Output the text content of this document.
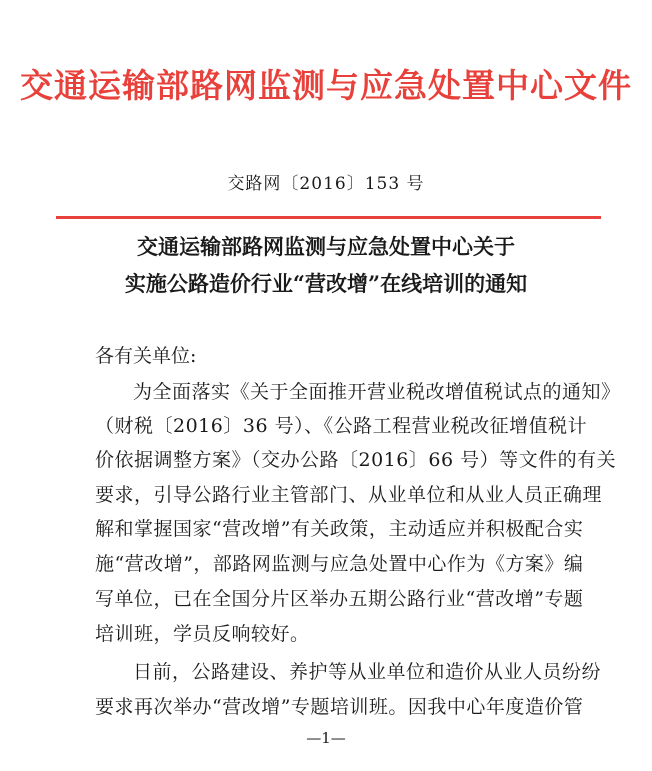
交通运输部路网监测与应急处置中心文件
交路网〔2016〕153 号
交通运输部路网监测与应急处置中心关于
实施公路造价行业“营改增”在线培训的通知
各有关单位:
为全面落实《关于全面推开营业税改增值税试点的通知》
（财税〔2016〕36 号）、《公路工程营业税改征增值税计
价依据调整方案》（交办公路〔2016〕66 号）等文件的有关
要求，引导公路行业主管部门、从业单位和从业人员正确理
解和掌握国家“营改增”有关政策，主动适应并积极配合实
施“营改增”，部路网监测与应急处置中心作为《方案》编
写单位，已在全国分片区举办五期公路行业“营改增”专题
培训班，学员反响较好。
日前，公路建设、养护等从业单位和造价从业人员纷纷
要求再次举办“营改增”专题培训班。因我中心年度造价管
—1—
